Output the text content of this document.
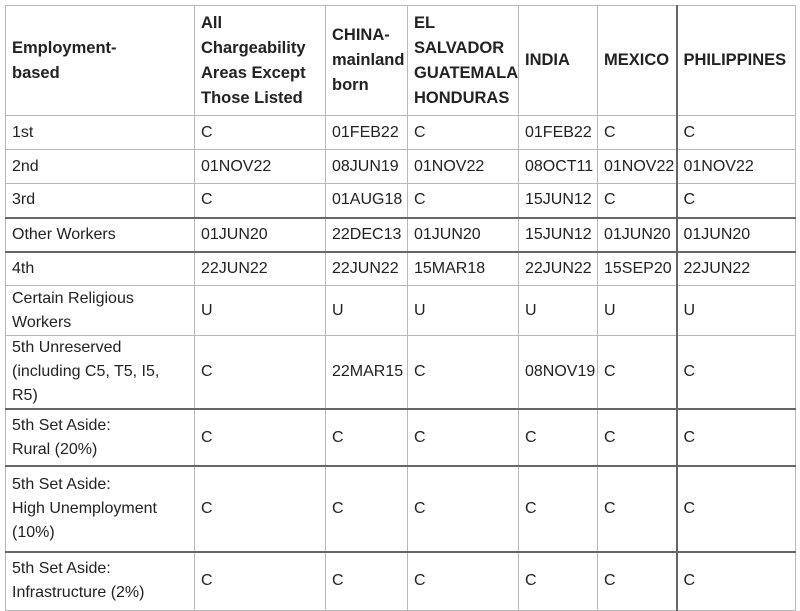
Employment-
based	All
Chargeability
Areas Except
Those Listed	CHINA-
mainland
born	EL
SALVADOR
GUATEMALA
HONDURAS	INDIA	MEXICO	PHILIPPINES
1st	C	01FEB22	C	01FEB22	C	C
2nd	01NOV22	08JUN19	01NOV22	08OCT11	01NOV22	01NOV22
3rd	C	01AUG18	C	15JUN12	C	C
Other Workers	01JUN20	22DEC13	01JUN20	15JUN12	01JUN20	01JUN20
4th	22JUN22	22JUN22	15MAR18	22JUN22	15SEP20	22JUN22
Certain Religious
Workers	U	U	U	U	U	U
5th Unreserved
(including C5, T5, I5, R5)	C	22MAR15	C	08NOV19	C	C
5th Set Aside:
Rural (20%)	C	C	C	C	C	C
5th Set Aside:
High Unemployment
(10%)	C	C	C	C	C	C
5th Set Aside:
Infrastructure (2%)	C	C	C	C	C	C
